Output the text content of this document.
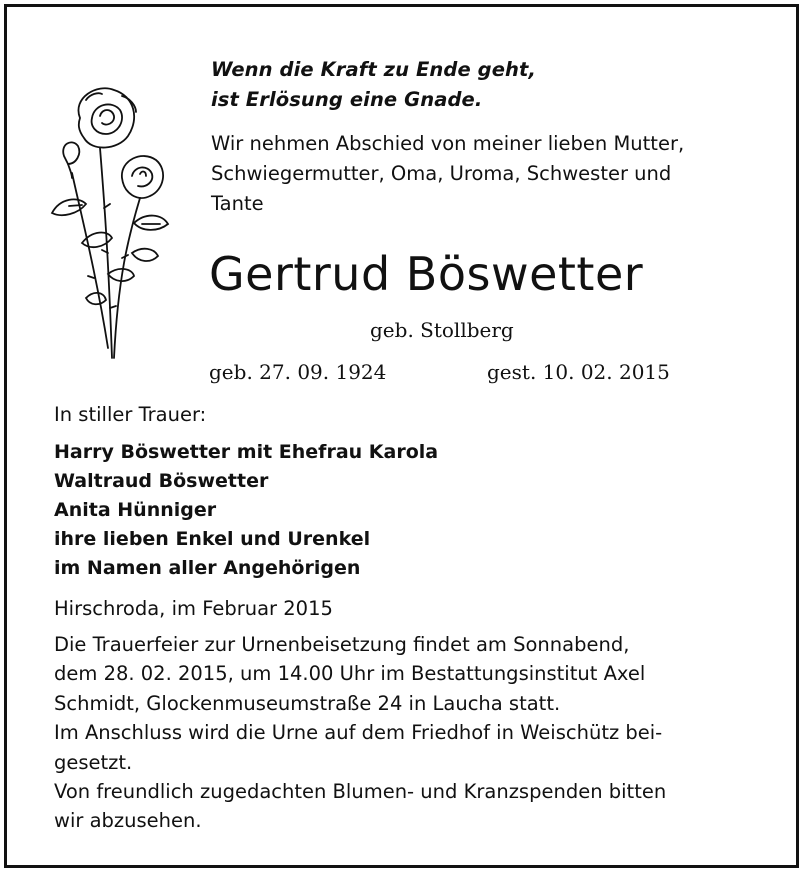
Wenn die Kraft zu Ende geht,
ist Erlösung eine Gnade.
Wir nehmen Abschied von meiner lieben Mutter,
Schwiegermutter, Oma, Uroma, Schwester und
Tante
Gertrud Böswetter
geb. Stollberg
geb. 27. 09. 1924	gest. 10. 02. 2015
In stiller Trauer:
Harry Böswetter mit Ehefrau Karola
Waltraud Böswetter
Anita Hünniger
ihre lieben Enkel und Urenkel
im Namen aller Angehörigen
Hirschroda, im Februar 2015
Die Trauerfeier zur Urnenbeisetzung findet am Sonnabend,
dem 28. 02. 2015, um 14.00 Uhr im Bestattungsinstitut Axel
Schmidt, Glockenmuseumstraße 24 in Laucha statt.
Im Anschluss wird die Urne auf dem Friedhof in Weischütz bei-
gesetzt.
Von freundlich zugedachten Blumen- und Kranzspenden bitten
wir abzusehen.
